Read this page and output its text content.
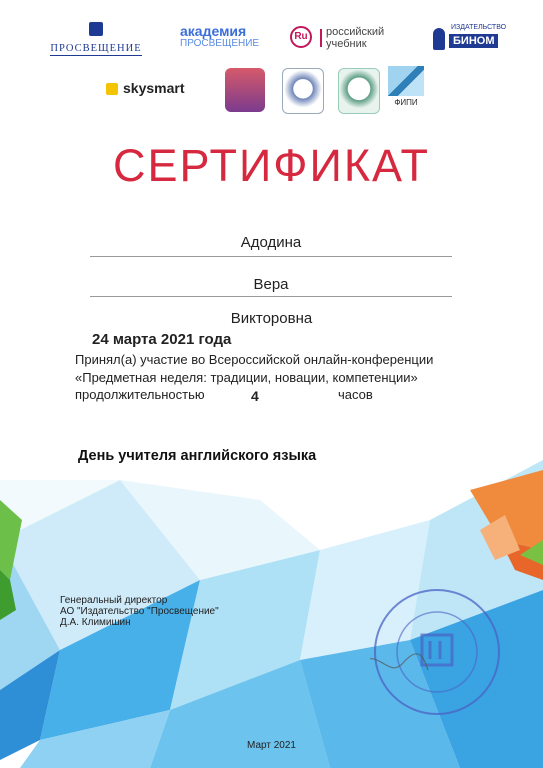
ПРОСВЕЩЕНИЕ
академия
ПРОСВЕЩЕНИЕ
Ru	российский
учебник
ИЗДАТЕЛЬСТВО
БИНОМ
skysmart
ФИПИ
СЕРТИФИКАТ
Адодина
Вера
Викторовна
24 марта 2021 года
Принял(а) участие во Всероссийской онлайн-конференции
«Предметная неделя: традиции, новации, компетенции»
продолжительностью	4	часов
День учителя английского языка
Генеральный директор
АО "Издательство "Просвещение"
Д.А. Климишин
Март 2021
